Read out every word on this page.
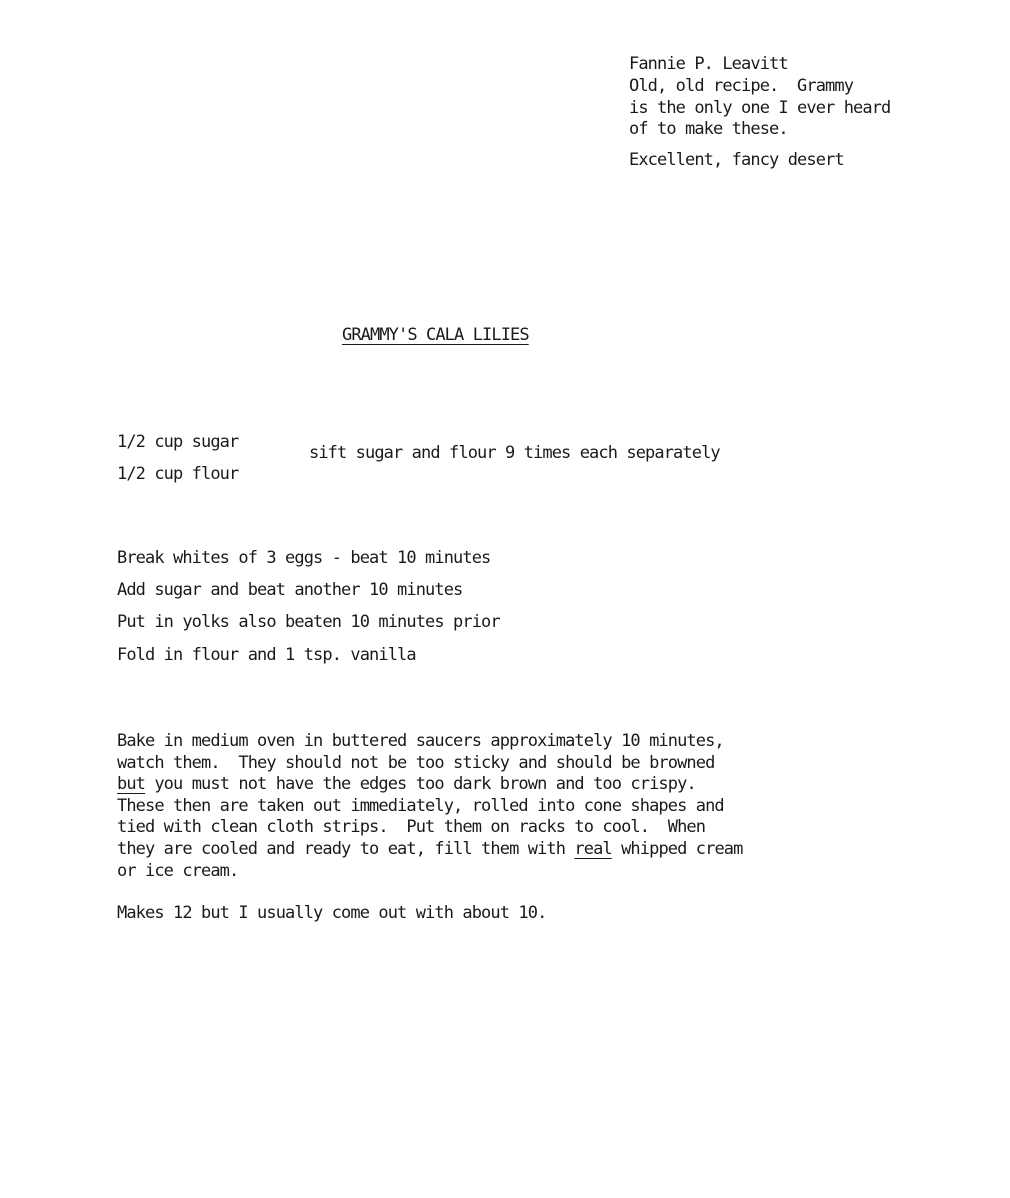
Fannie P. Leavitt
Old, old recipe.  Grammy
is the only one I ever heard
of to make these.
Excellent, fancy desert
GRAMMY'S CALA LILIES
1/2 cup sugar
1/2 cup flour
sift sugar and flour 9 times each separately
Break whites of 3 eggs - beat 10 minutes
Add sugar and beat another 10 minutes
Put in yolks also beaten 10 minutes prior
Fold in flour and 1 tsp. vanilla
Bake in medium oven in buttered saucers approximately 10 minutes,
watch them.  They should not be too sticky and should be browned
but you must not have the edges too dark brown and too crispy.
These then are taken out immediately, rolled into cone shapes and
tied with clean cloth strips.  Put them on racks to cool.  When
they are cooled and ready to eat, fill them with real whipped cream
or ice cream.
Makes 12 but I usually come out with about 10.
